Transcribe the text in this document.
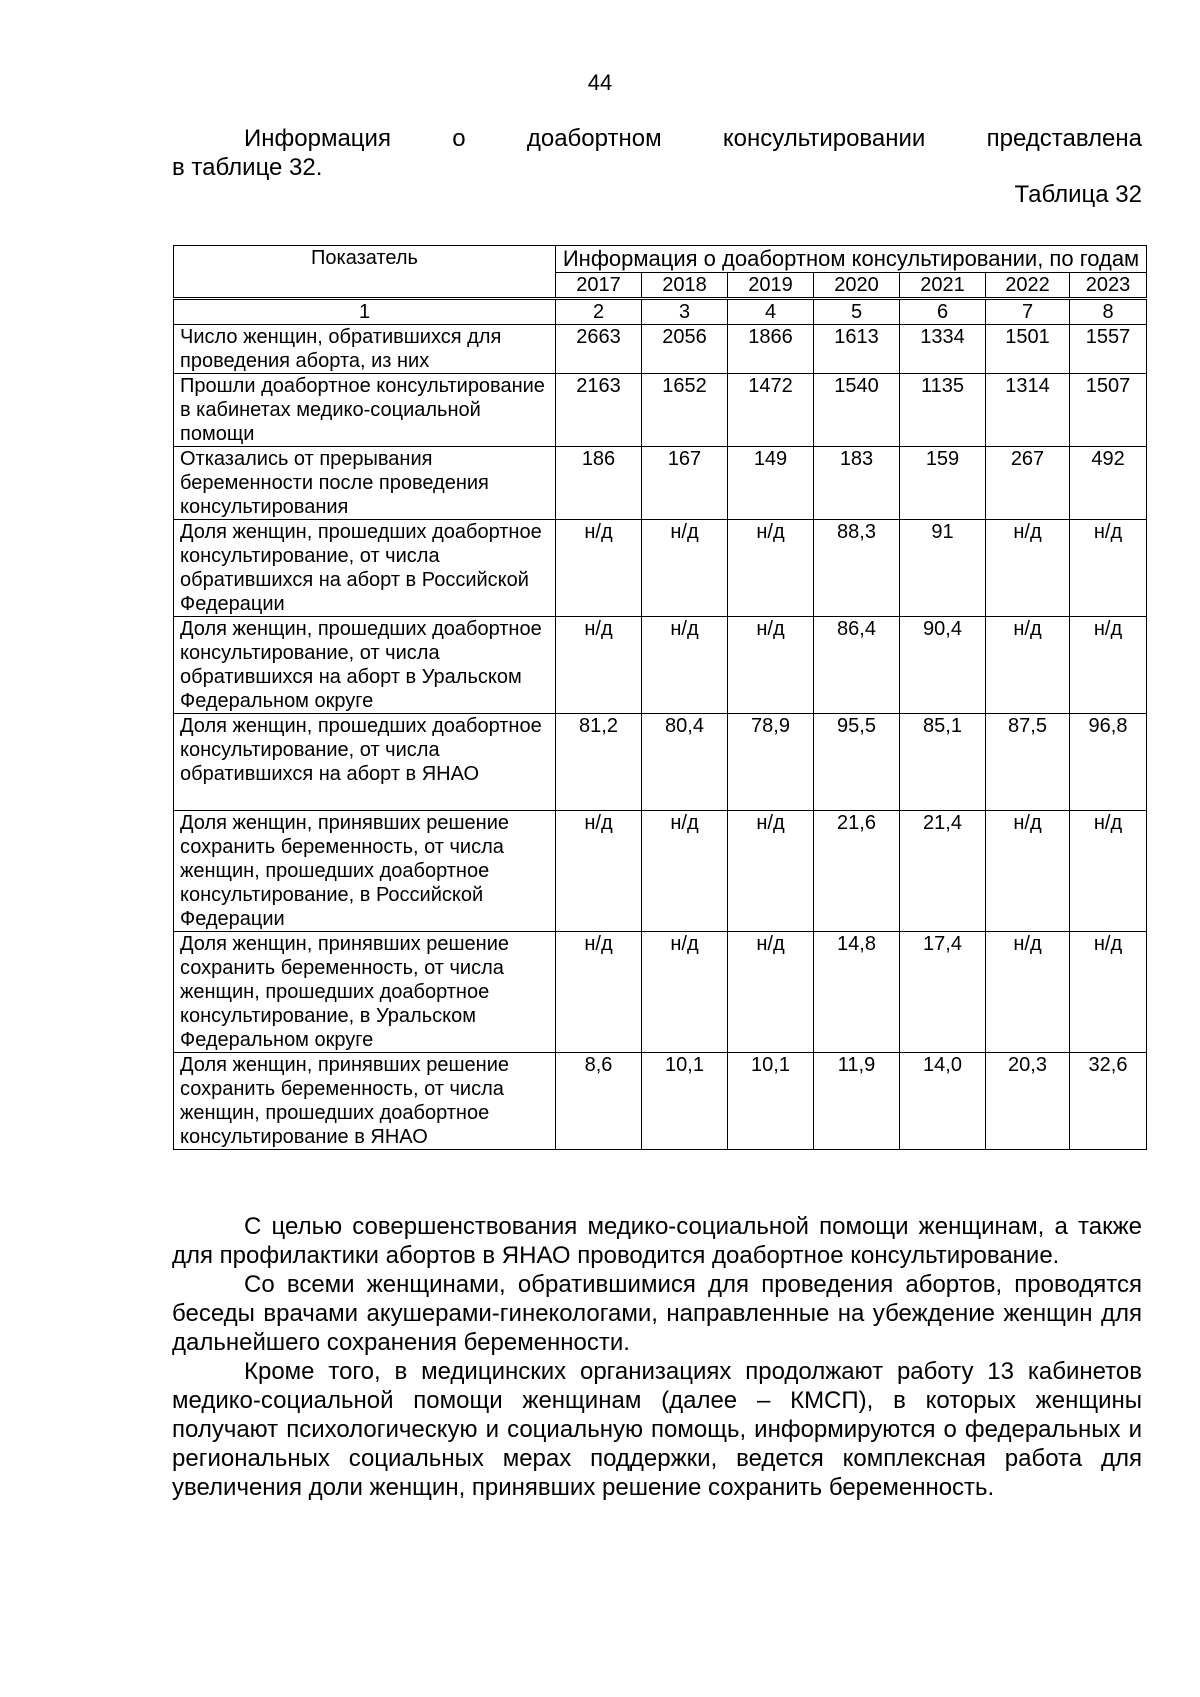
44

Информация о доабортном консультировании представлена

в таблице 32.

Таблица 32
Показатель	Информация о доабортном консультировании, по годам						
	2017	2018	2019	2020	2021	2022	2023
1	2	3	4	5	6	7	8
Число женщин, обратившихся для проведения аборта, из них	2663	2056	1866	1613	1334	1501	1557
Прошли доабортное консультирование в кабинетах медико-социальной помощи	2163	1652	1472	1540	1135	1314	1507
Отказались от прерывания беременности после проведения консультирования	186	167	149	183	159	267	492
Доля женщин, прошедших доабортное консультирование, от числа обратившихся на аборт в Российской Федерации	н/д	н/д	н/д	88,3	91	н/д	н/д
Доля женщин, прошедших доабортное консультирование, от числа обратившихся на аборт в Уральском Федеральном округе	н/д	н/д	н/д	86,4	90,4	н/д	н/д
Доля женщин, прошедших доабортное консультирование, от числа обратившихся на аборт в ЯНАО	81,2	80,4	78,9	95,5	85,1	87,5	96,8
Доля женщин, принявших решение сохранить беременность, от числа женщин, прошедших доабортное консультирование, в Российской Федерации	н/д	н/д	н/д	21,6	21,4	н/д	н/д
Доля женщин, принявших решение сохранить беременность, от числа женщин, прошедших доабортное консультирование, в Уральском Федеральном округе	н/д	н/д	н/д	14,8	17,4	н/д	н/д
Доля женщин, принявших решение сохранить беременность, от числа женщин, прошедших доабортное консультирование в ЯНАО	8,6	10,1	10,1	11,9	14,0	20,3	32,6

С целью совершенствования медико-социальной помощи женщинам, а также для профилактики абортов в ЯНАО проводится доабортное консультирование.

Со всеми женщинами, обратившимися для проведения абортов, проводятся беседы врачами акушерами-гинекологами, направленные на убеждение женщин для дальнейшего сохранения беременности.

Кроме того, в медицинских организациях продолжают работу 13 кабинетов медико-социальной помощи женщинам (далее – КМСП), в которых женщины получают психологическую и социальную помощь, информируются о федеральных и региональных социальных мерах поддержки, ведется комплексная работа для увеличения доли женщин, принявших решение сохранить беременность.
